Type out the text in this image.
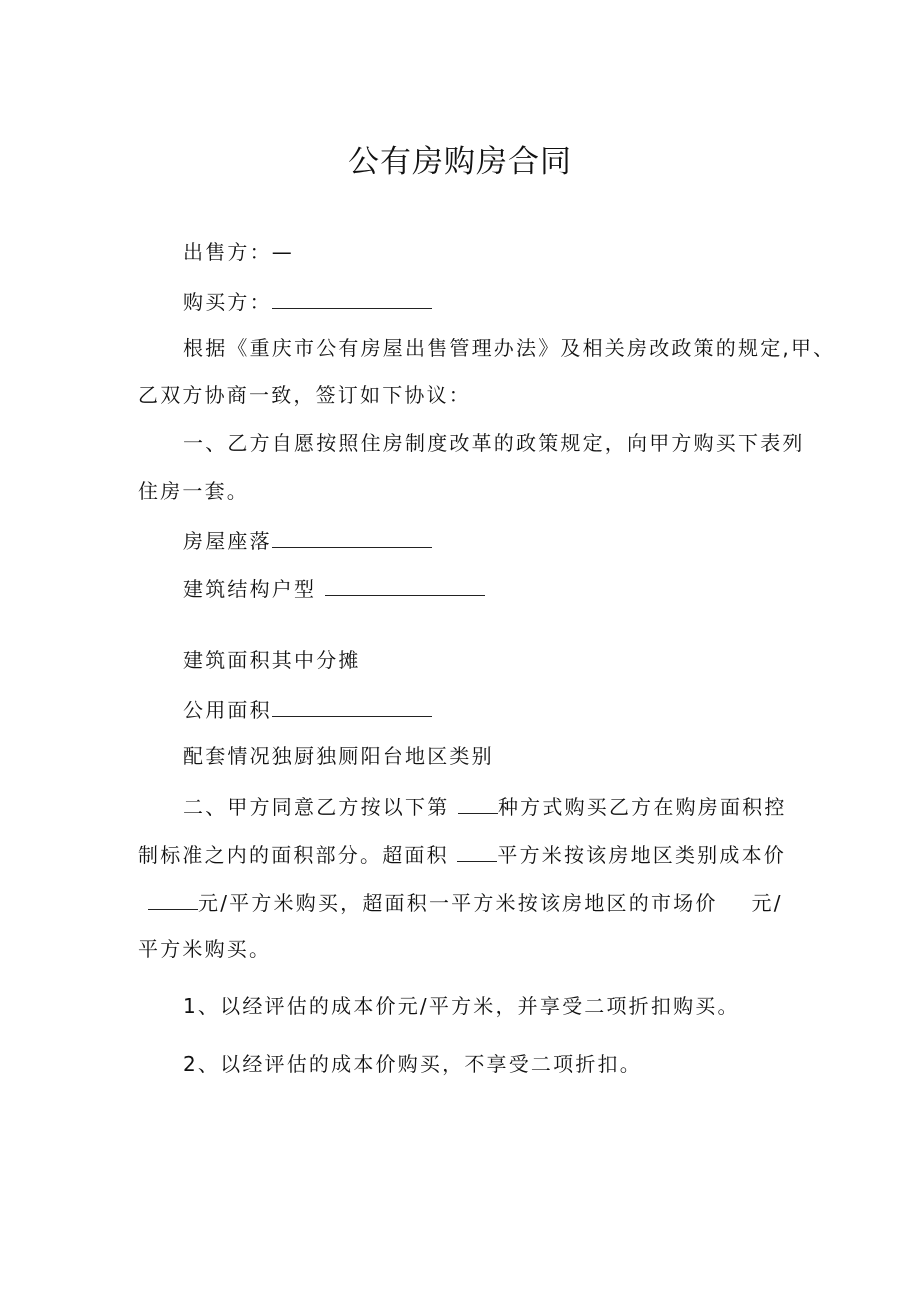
公有房购房合同

出售方：—

购买方：

根据《重庆市公有房屋出售管理办法》及相关房改政策的规定,甲、

乙双方协商一致，签订如下协议：

一、乙方自愿按照住房制度改革的政策规定，向甲方购买下表列

住房一套。

房屋座落

建筑结构户型

建筑面积其中分摊

公用面积

配套情况独厨独厕阳台地区类别

二、甲方同意乙方按以下第 种方式购买乙方在购房面积控

制标准之内的面积部分。超面积 平方米按该房地区类别成本价

元/平方米购买，超面积一平方米按该房地区的市场价 元/

平方米购买。

1、以经评估的成本价元/平方米，并享受二项折扣购买。

2、以经评估的成本价购买，不享受二项折扣。
